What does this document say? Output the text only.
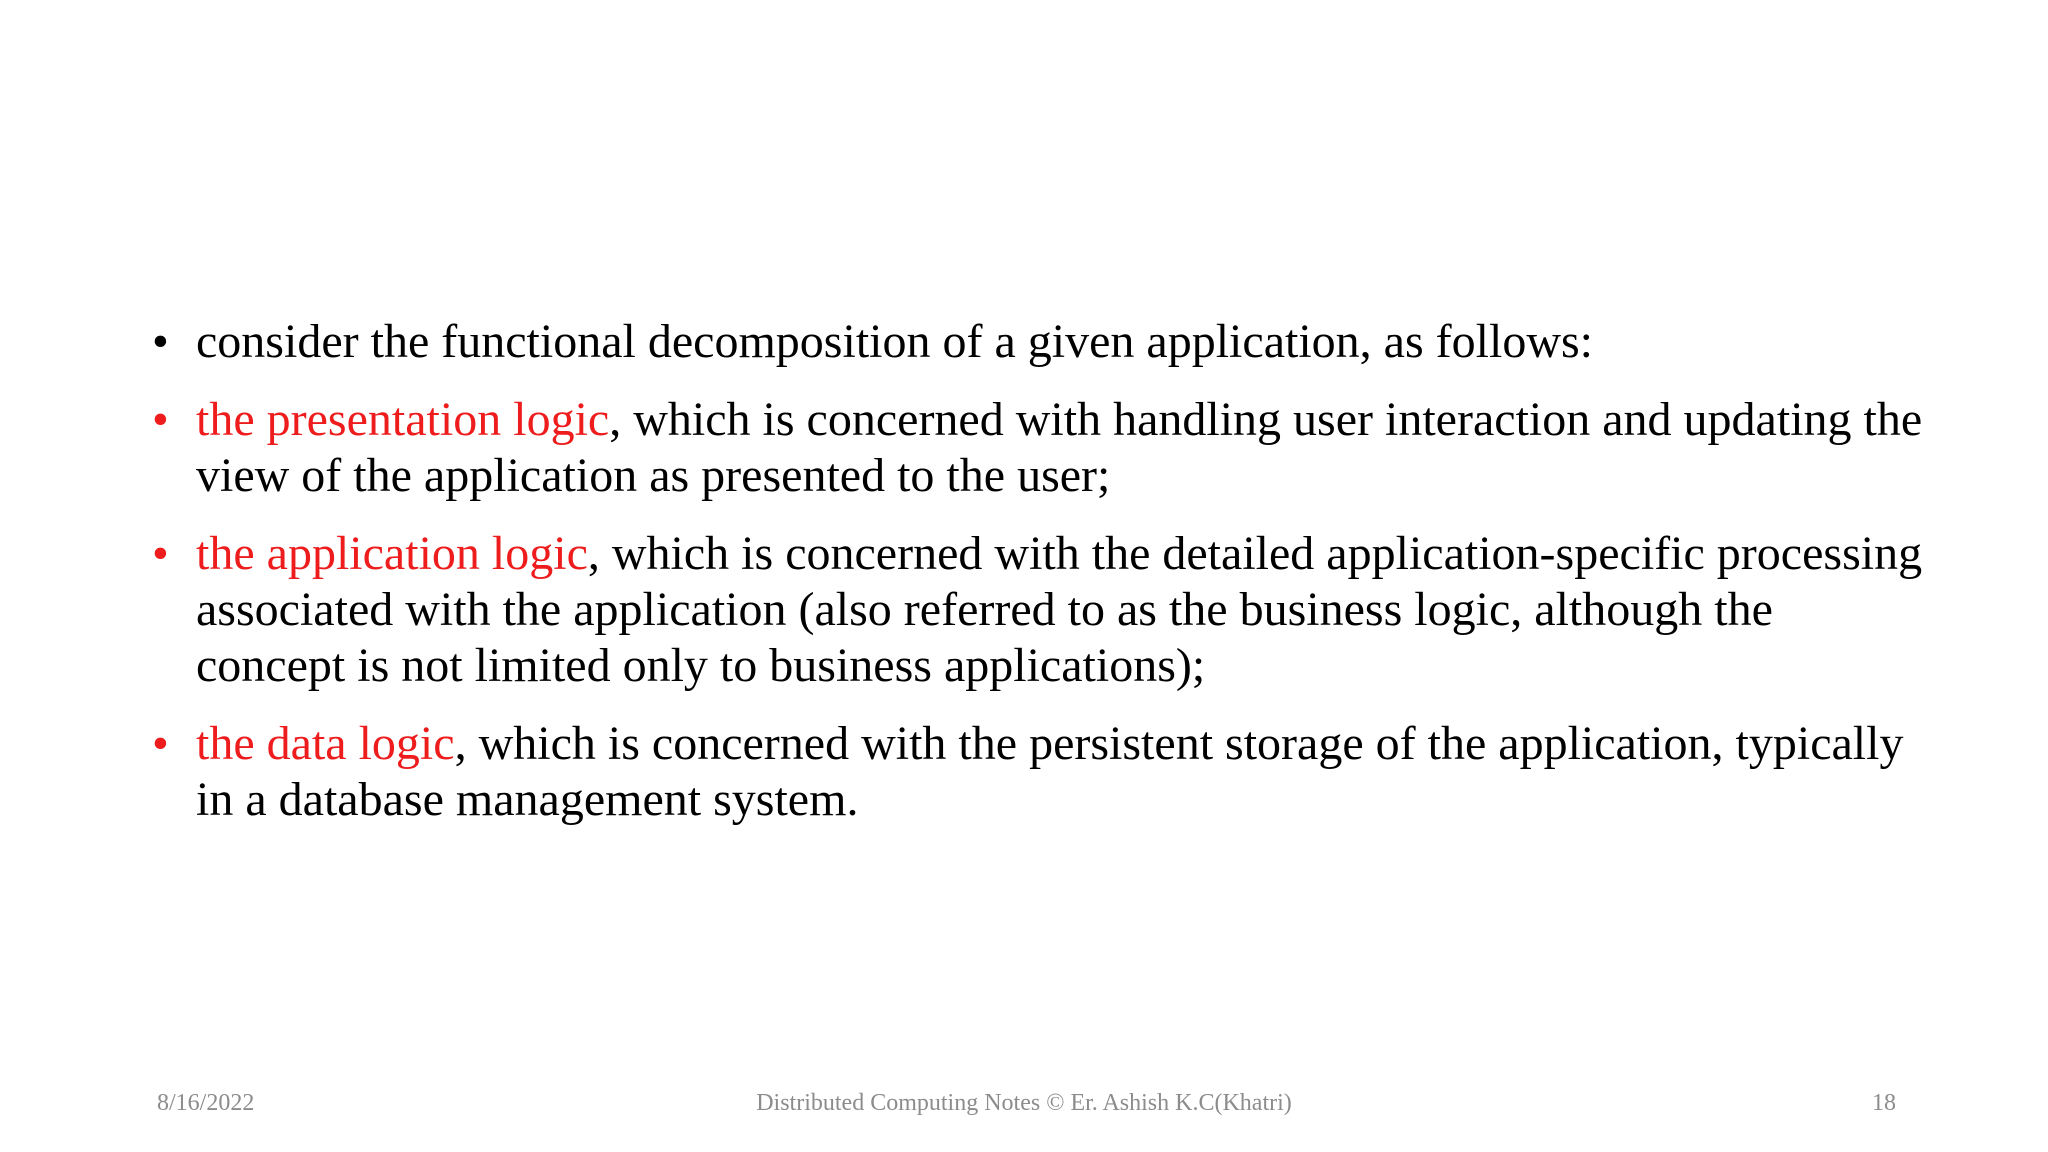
• consider the functional decomposition of a given application, as follows:
• the presentation logic, which is concerned with handling user interaction and updating the view of the application as presented to the user;
• the application logic, which is concerned with the detailed application-specific processing associated with the application (also referred to as the business logic, although the concept is not limited only to business applications);
• the data logic, which is concerned with the persistent storage of the application, typically in a database management system.
Distributed Computing Notes © Er. Ashish K.C(Khatri)
8/16/2022	18
